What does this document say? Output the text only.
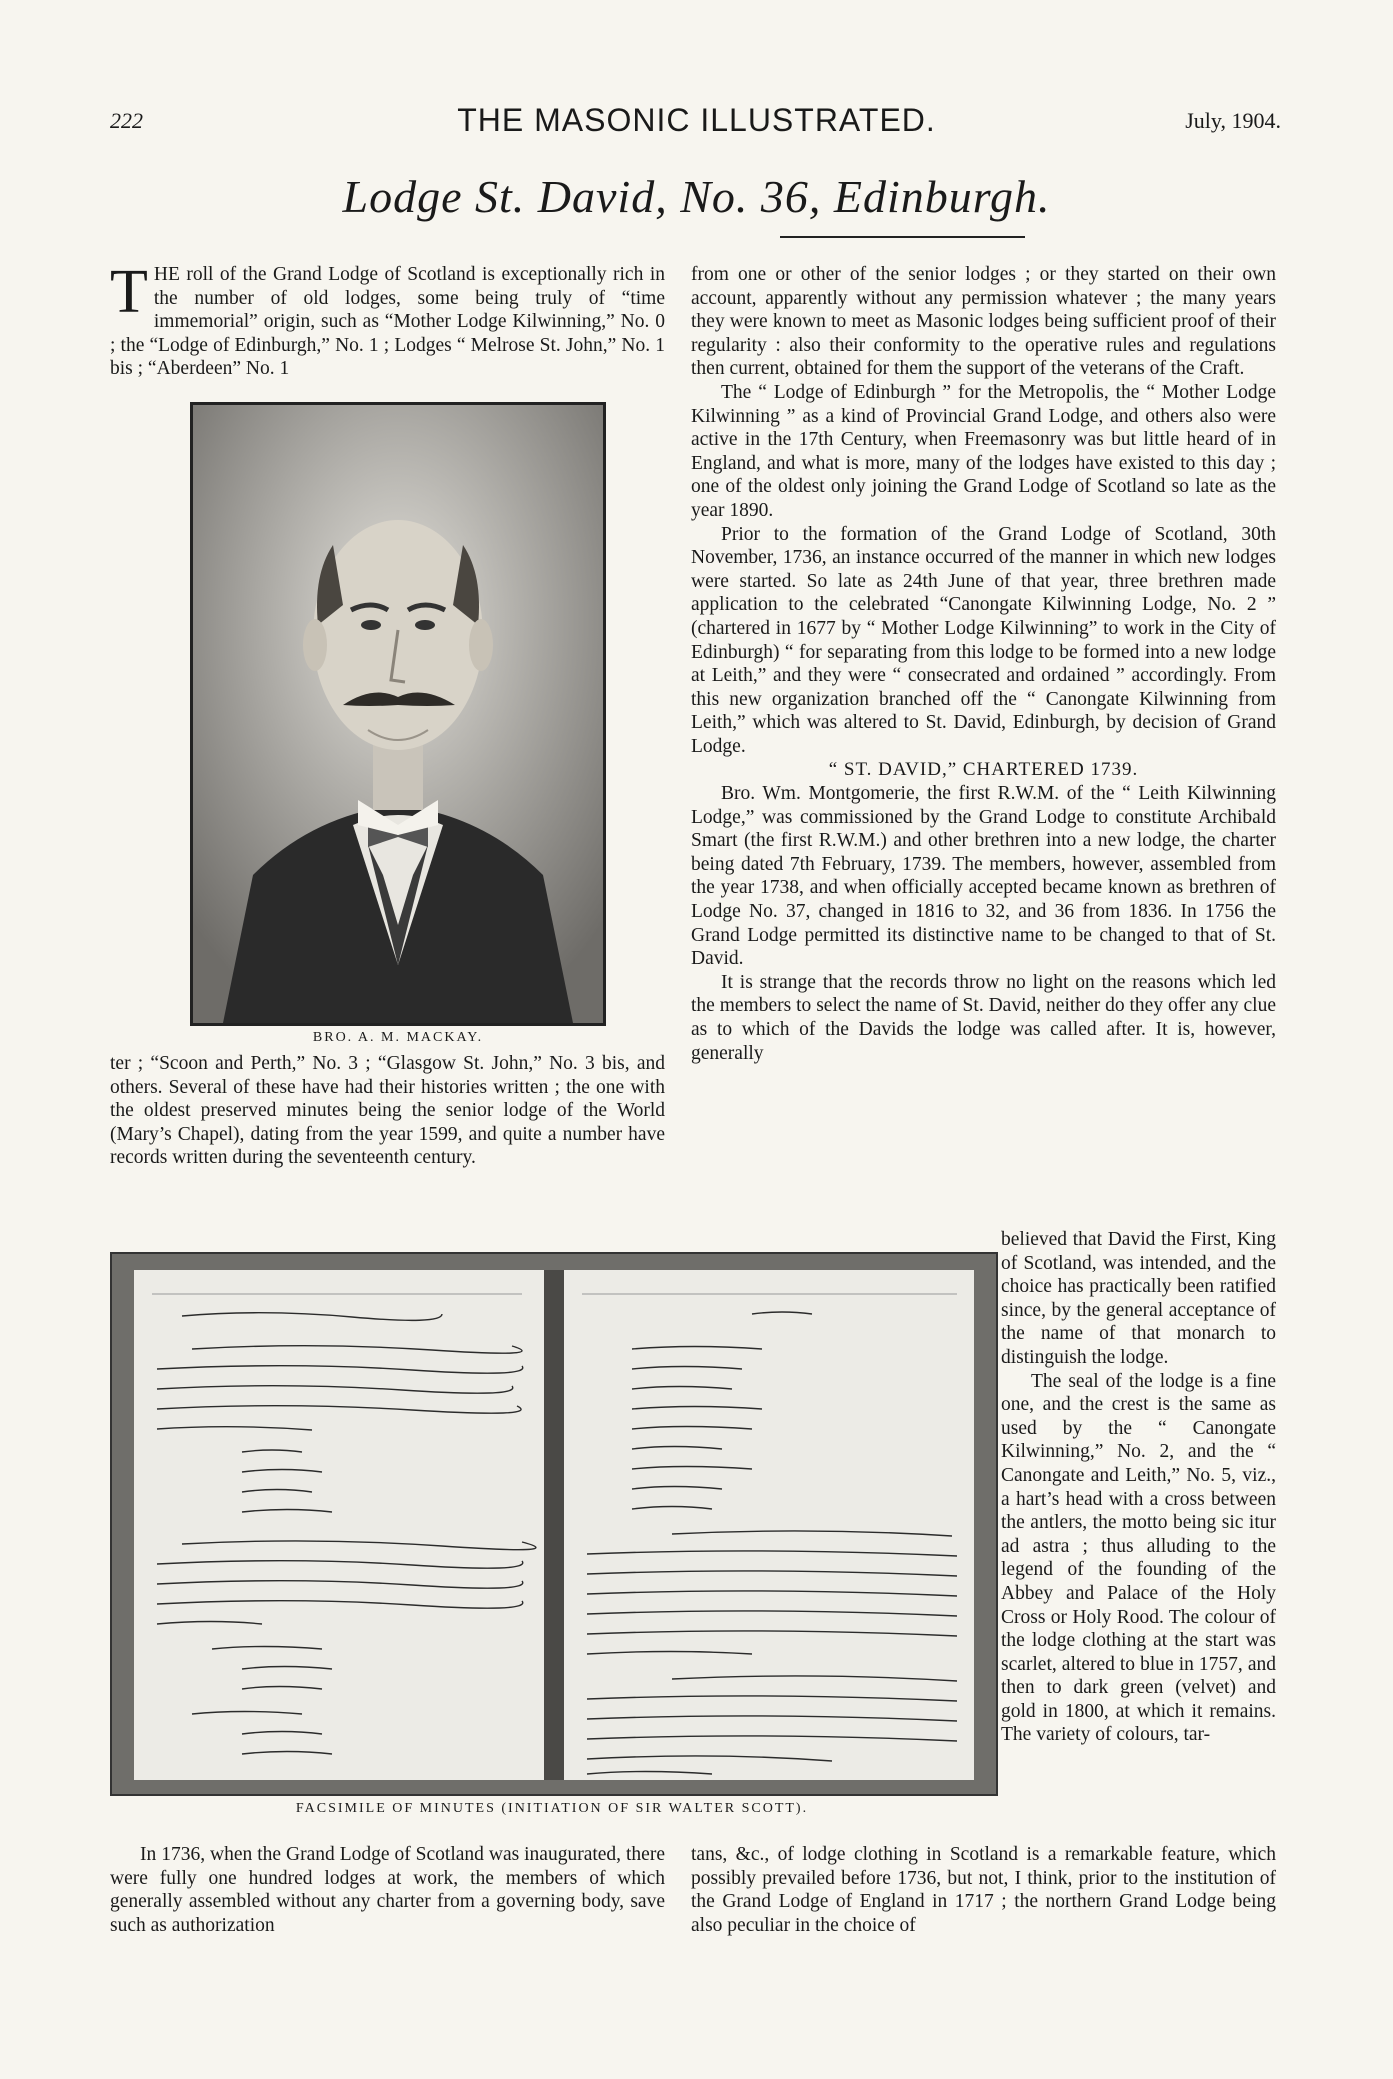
222	THE MASONIC ILLUSTRATED.	July, 1904.
Lodge St. David, No. 36, Edinburgh.

THE roll of the Grand Lodge of Scotland is exceptionally rich in the number of old lodges, some being truly of “time immemorial” origin, such as “Mother Lodge Kilwinning,” No. 0 ; the “Lodge of Edinburgh,” No. 1 ; Lodges “ Melrose St. John,” No. 1 bis ; “Aberdeen” No. 1

BRO. A. M. MACKAY.

ter ; “Scoon and Perth,” No. 3 ; “Glasgow St. John,” No. 3 bis, and others. Several of these have had their histories written ; the one with the oldest preserved minutes being the senior lodge of the World (Mary’s Chapel), dating from the year 1599, and quite a number have records written during the seventeenth century.

from one or other of the senior lodges ; or they started on their own account, apparently without any permission whatever ; the many years they were known to meet as Masonic lodges being sufficient proof of their regularity : also their conformity to the operative rules and regulations then current, obtained for them the support of the veterans of the Craft.

The “ Lodge of Edinburgh ” for the Metropolis, the “ Mother Lodge Kilwinning ” as a kind of Provincial Grand Lodge, and others also were active in the 17th Century, when Freemasonry was but little heard of in England, and what is more, many of the lodges have existed to this day ; one of the oldest only joining the Grand Lodge of Scotland so late as the year 1890.

Prior to the formation of the Grand Lodge of Scotland, 30th November, 1736, an instance occurred of the manner in which new lodges were started. So late as 24th June of that year, three brethren made application to the celebrated “Canongate Kilwinning Lodge, No. 2 ” (chartered in 1677 by “ Mother Lodge Kilwinning” to work in the City of Edinburgh) “ for separating from this lodge to be formed into a new lodge at Leith,” and they were “ consecrated and ordained ” accordingly. From this new organization branched off the “ Canongate Kilwinning from Leith,” which was altered to St. David, Edinburgh, by decision of Grand Lodge.

“ ST. DAVID,” CHARTERED 1739.

Bro. Wm. Montgomerie, the first R.W.M. of the “ Leith Kilwinning Lodge,” was commissioned by the Grand Lodge to constitute Archibald Smart (the first R.W.M.) and other brethren into a new lodge, the charter being dated 7th February, 1739. The members, however, assembled from the year 1738, and when officially accepted became known as brethren of Lodge No. 37, changed in 1816 to 32, and 36 from 1836. In 1756 the Grand Lodge permitted its distinctive name to be changed to that of St. David.

It is strange that the records throw no light on the reasons which led the members to select the name of St. David, neither do they offer any clue as to which of the Davids the lodge was called after. It is, however, generally

believed that David the First, King of Scotland, was intended, and the choice has practically been ratified since, by the general acceptance of the name of that monarch to distinguish the lodge.

The seal of the lodge is a fine one, and the crest is the same as used by the “ Canongate Kilwinning,” No. 2, and the “ Canongate and Leith,” No. 5, viz., a hart’s head with a cross between the antlers, the motto being sic itur ad astra ; thus alluding to the legend of the founding of the Abbey and Palace of the Holy Cross or Holy Rood. The colour of the lodge clothing at the start was scarlet, altered to blue in 1757, and then to dark green (velvet) and gold in 1800, at which it remains. The variety of colours, tar-

FACSIMILE OF MINUTES (INITIATION OF SIR WALTER SCOTT).

In 1736, when the Grand Lodge of Scotland was inaugurated, there were fully one hundred lodges at work, the members of which generally assembled without any charter from a governing body, save such as authorization

tans, &c., of lodge clothing in Scotland is a remarkable feature, which possibly prevailed before 1736, but not, I think, prior to the institution of the Grand Lodge of England in 1717 ; the northern Grand Lodge being also peculiar in the choice of
